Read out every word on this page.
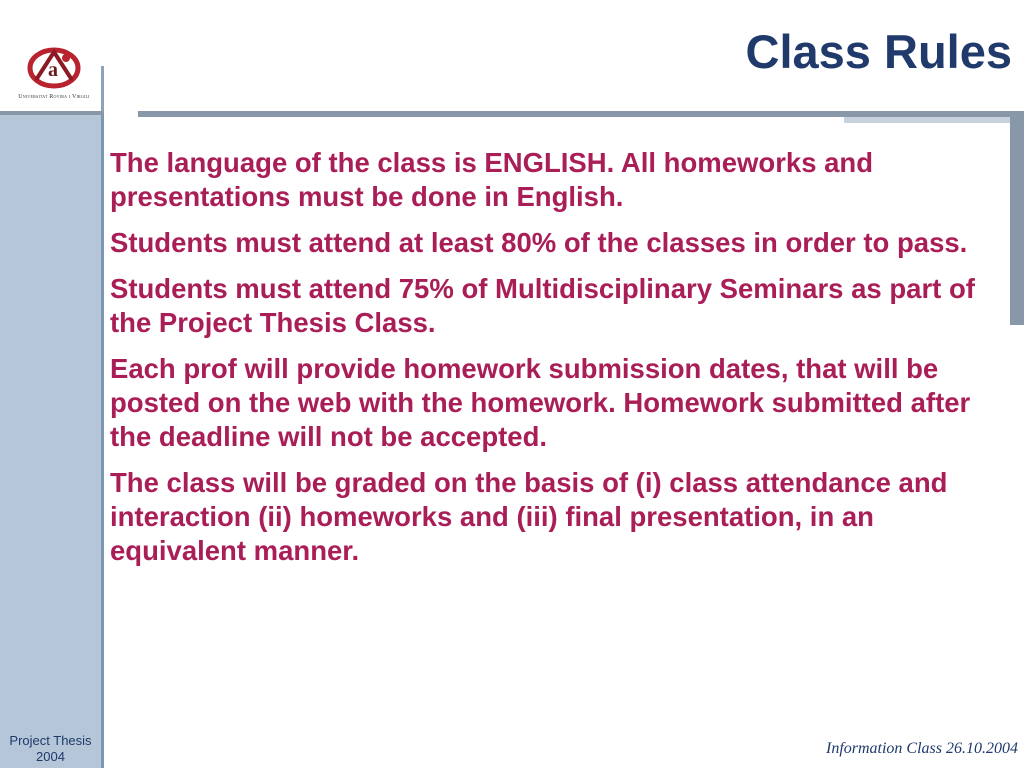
a
Universitat Rovira i Virgili
Class Rules

The language of the class is ENGLISH. All homeworks and presentations must be done in English.

Students must attend at least 80% of the classes in order to pass.

Students must attend 75% of Multidisciplinary Seminars as part of the Project Thesis Class.

Each prof will provide homework submission dates, that will be posted on the web with the homework. Homework submitted after the deadline will not be accepted.

The class will be graded on the basis of (i) class attendance and interaction (ii) homeworks and (iii) final presentation, in an equivalent manner.

Project Thesis
2004	Information Class 26.10.2004
